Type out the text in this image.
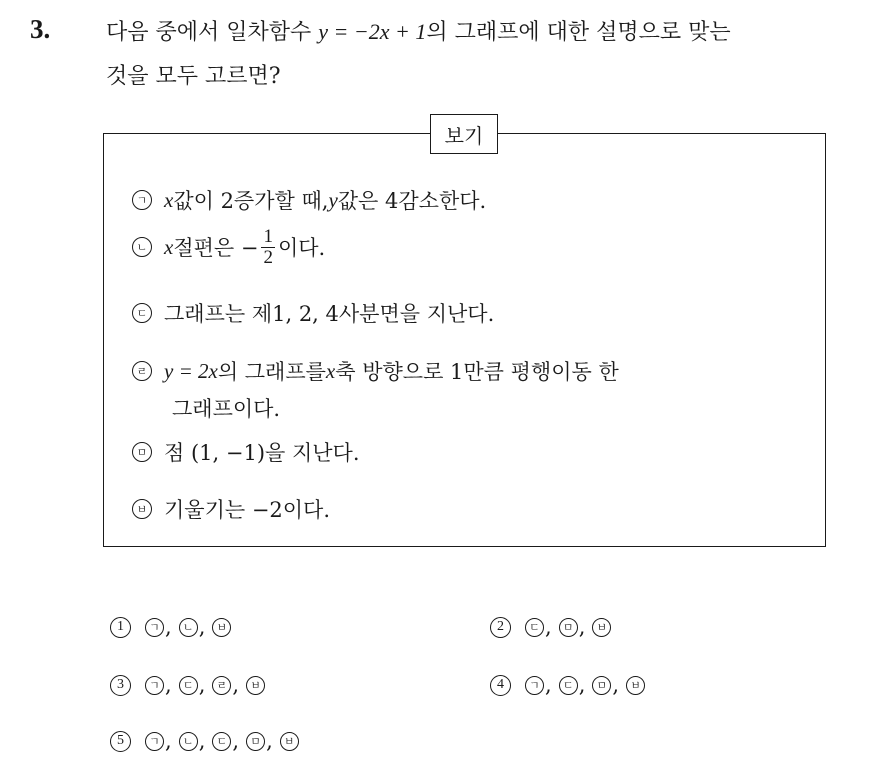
3.	다음 중에서 일차함수 y = −2x + 1의 그래프에 대한 설명으로 맞는
것을 모두 고르면?
보기
ㄱ x 값이 2증가할 때, y 값은 4감소한다.
ㄴ x 절편은 − $\frac{1}{2}$ 이다.
ㄷ 그래프는 제1, 2, 4사분면을 지난다.
ㄹ y = 2x 의 그래프를 x 축 방향으로 1만큼 평행이동 한
그래프이다.
ㅁ 점 (1, −1)을 지난다.
ㅂ 기울기는 −2이다.
1	ㄱ ,	ㄴ ,	ㅂ	2	ㄷ ,	ㅁ ,	ㅂ
3	ㄱ ,	ㄷ ,	ㄹ ,	ㅂ	4	ㄱ ,	ㄷ ,	ㅁ ,	ㅂ
5	ㄱ ,	ㄴ ,	ㄷ ,	ㅁ ,	ㅂ
